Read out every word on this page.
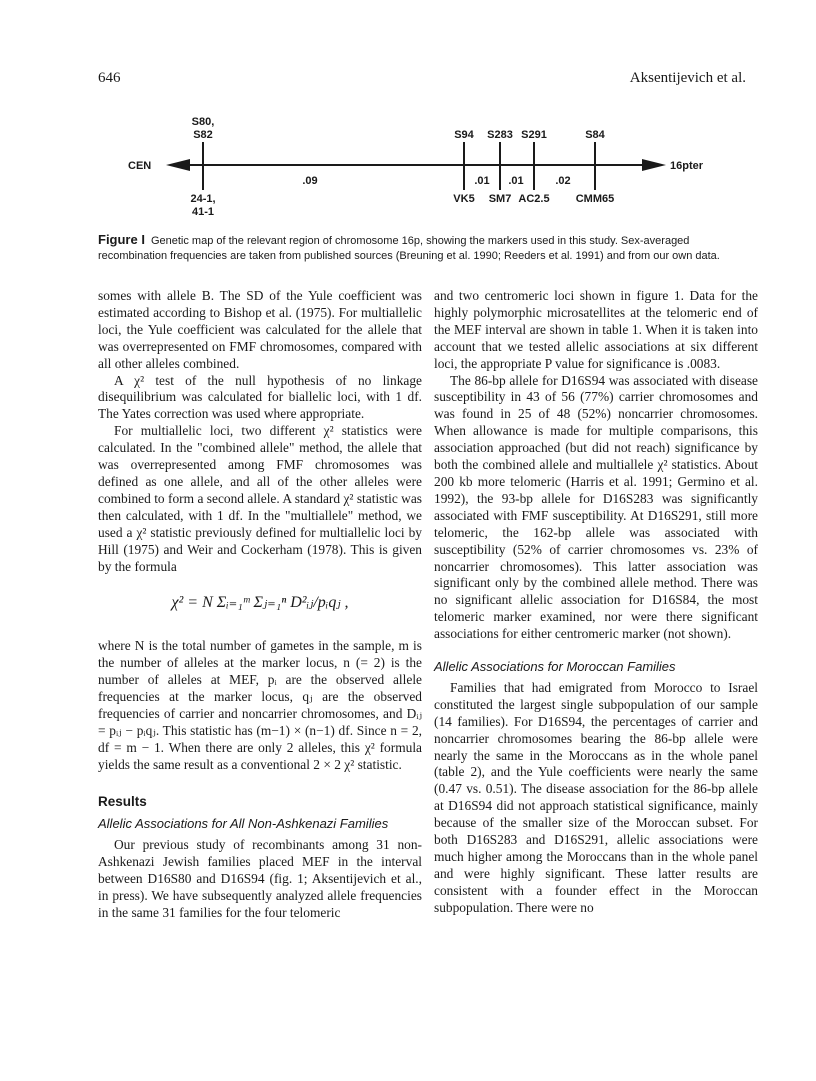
646	Aksentijevich et al.
CEN	16pter
S80,
S82	S94 S283 S291	S84
24-1,
41-1
VK5 SM7 AC2.5 CMM65
.09	.01 .01	.02
Figure I Genetic map of the relevant region of chromosome 16p, showing the markers used in this study. Sex-averaged recombination frequencies are taken from published sources (Breuning et al. 1990; Reeders et al. 1991) and from our own data.

somes with allele B. The SD of the Yule coefficient was estimated according to Bishop et al. (1975). For multiallelic loci, the Yule coefficient was calculated for the allele that was overrepresented on FMF chromosomes, compared with all other alleles combined.

A χ² test of the null hypothesis of no linkage disequilibrium was calculated for biallelic loci, with 1 df. The Yates correction was used where appropriate.

For multiallelic loci, two different χ² statistics were calculated. In the "combined allele" method, the allele that was overrepresented among FMF chromosomes was defined as one allele, and all of the other alleles were combined to form a second allele. A standard χ² statistic was then calculated, with 1 df. In the "multiallele" method, we used a χ² statistic previously defined for multiallelic loci by Hill (1975) and Weir and Cockerham (1978). This is given by the formula

χ² = N Σᵢ₌₁ᵐ Σⱼ₌₁ⁿ D²ᵢⱼ/pᵢqⱼ ,

where N is the total number of gametes in the sample, m is the number of alleles at the marker locus, n (= 2) is the number of alleles at MEF, pᵢ are the observed allele frequencies at the marker locus, qⱼ are the observed frequencies of carrier and noncarrier chromosomes, and Dᵢⱼ = pᵢⱼ − pᵢqⱼ. This statistic has (m−1) × (n−1) df. Since n = 2, df = m − 1. When there are only 2 alleles, this χ² formula yields the same result as a conventional 2 × 2 χ² statistic.

Results
Allelic Associations for All Non-Ashkenazi Families

Our previous study of recombinants among 31 non-Ashkenazi Jewish families placed MEF in the interval between D16S80 and D16S94 (fig. 1; Aksentijevich et al., in press). We have subsequently analyzed allele frequencies in the same 31 families for the four telomeric

and two centromeric loci shown in figure 1. Data for the highly polymorphic microsatellites at the telomeric end of the MEF interval are shown in table 1. When it is taken into account that we tested allelic associations at six different loci, the appropriate P value for significance is .0083.

The 86-bp allele for D16S94 was associated with disease susceptibility in 43 of 56 (77%) carrier chromosomes and was found in 25 of 48 (52%) noncarrier chromosomes. When allowance is made for multiple comparisons, this association approached (but did not reach) significance by both the combined allele and multiallele χ² statistics. About 200 kb more telomeric (Harris et al. 1991; Germino et al. 1992), the 93-bp allele for D16S283 was significantly associated with FMF susceptibility. At D16S291, still more telomeric, the 162-bp allele was associated with susceptibility (52% of carrier chromosomes vs. 23% of noncarrier chromosomes). This latter association was significant only by the combined allele method. There was no significant allelic association for D16S84, the most telomeric marker examined, nor were there significant associations for either centromeric marker (not shown).

Allelic Associations for Moroccan Families

Families that had emigrated from Morocco to Israel constituted the largest single subpopulation of our sample (14 families). For D16S94, the percentages of carrier and noncarrier chromosomes bearing the 86-bp allele were nearly the same in the Moroccans as in the whole panel (table 2), and the Yule coefficients were nearly the same (0.47 vs. 0.51). The disease association for the 86-bp allele at D16S94 did not approach statistical significance, mainly because of the smaller size of the Moroccan subset. For both D16S283 and D16S291, allelic associations were much higher among the Moroccans than in the whole panel and were highly significant. These latter results are consistent with a founder effect in the Moroccan subpopulation. There were no
